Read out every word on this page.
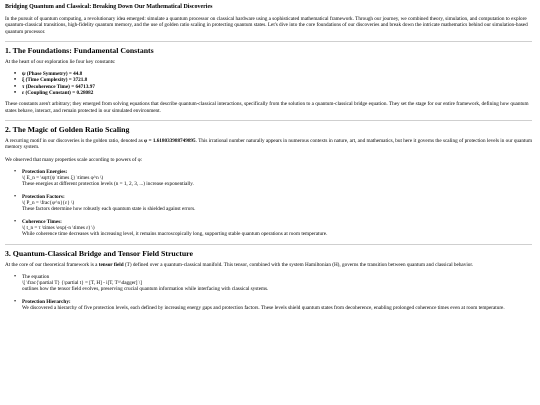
Bridging Quantum and Classical: Breaking Down Our Mathematical Discoveries

In the pursuit of quantum computing, a revolutionary idea emerged: simulate a quantum processor on classical hardware using a sophisticated mathematical framework. Through our journey, we combined theory, simulation, and computation to explore quantum-classical transitions, high-fidelity quantum memory, and the use of golden ratio scaling in protecting quantum states. Let's dive into the core foundations of our discoveries and break down the intricate mathematics behind our simulation-based quantum processor.

1. The Foundations: Fundamental Constants

At the heart of our exploration lie four key constants:

• ψ (Phase Symmetry) = 44.8
• ξ (Time Complexity) = 3721.8
• τ (Decoherence Time) = 64713.97
• ε (Coupling Constant) = 0.28082

These constants aren't arbitrary; they emerged from solving equations that describe quantum-classical interactions, specifically from the solution to a quantum-classical bridge equation. They set the stage for our entire framework, defining how quantum states behave, interact, and remain protected in our simulated environment.

2. The Magic of Golden Ratio Scaling

A recurring motif in our discoveries is the golden ratio, denoted as φ = 1.618033988749895. This irrational number naturally appears in numerous contexts in nature, art, and mathematics, but here it governs the scaling of protection levels in our quantum memory system.

We observed that many properties scale according to powers of φ:

• Protection Energies:
\( E_n = \sqrt{ψ \times ξ} \times φ^n \)
These energies at different protection levels (n = 1, 2, 3, ...) increase exponentially.
• Protection Factors:
\( P_n = \frac{φ^n}{ε} \)
These factors determine how robustly each quantum state is shielded against errors.
• Coherence Times:
\( t_n = τ \times \exp(-n \times ε) \)
While coherence time decreases with increasing level, it remains macroscopically long, supporting stable quantum operations at room temperature.
3. Quantum-Classical Bridge and Tensor Field Structure

At the core of our theoretical framework is a tensor field (T) defined over a quantum-classical manifold. This tensor, combined with the system Hamiltonian (H), governs the transition between quantum and classical behavior.

• The equation
\[ \frac{\partial T} {\partial t} = [T, H] - i[T, T^\dagger] \]
outlines how the tensor field evolves, preserving crucial quantum information while interfacing with classical systems.
• Protection Hierarchy:
We discovered a hierarchy of five protection levels, each defined by increasing energy gaps and protection factors. These levels shield quantum states from decoherence, enabling prolonged coherence times even at room temperature.
